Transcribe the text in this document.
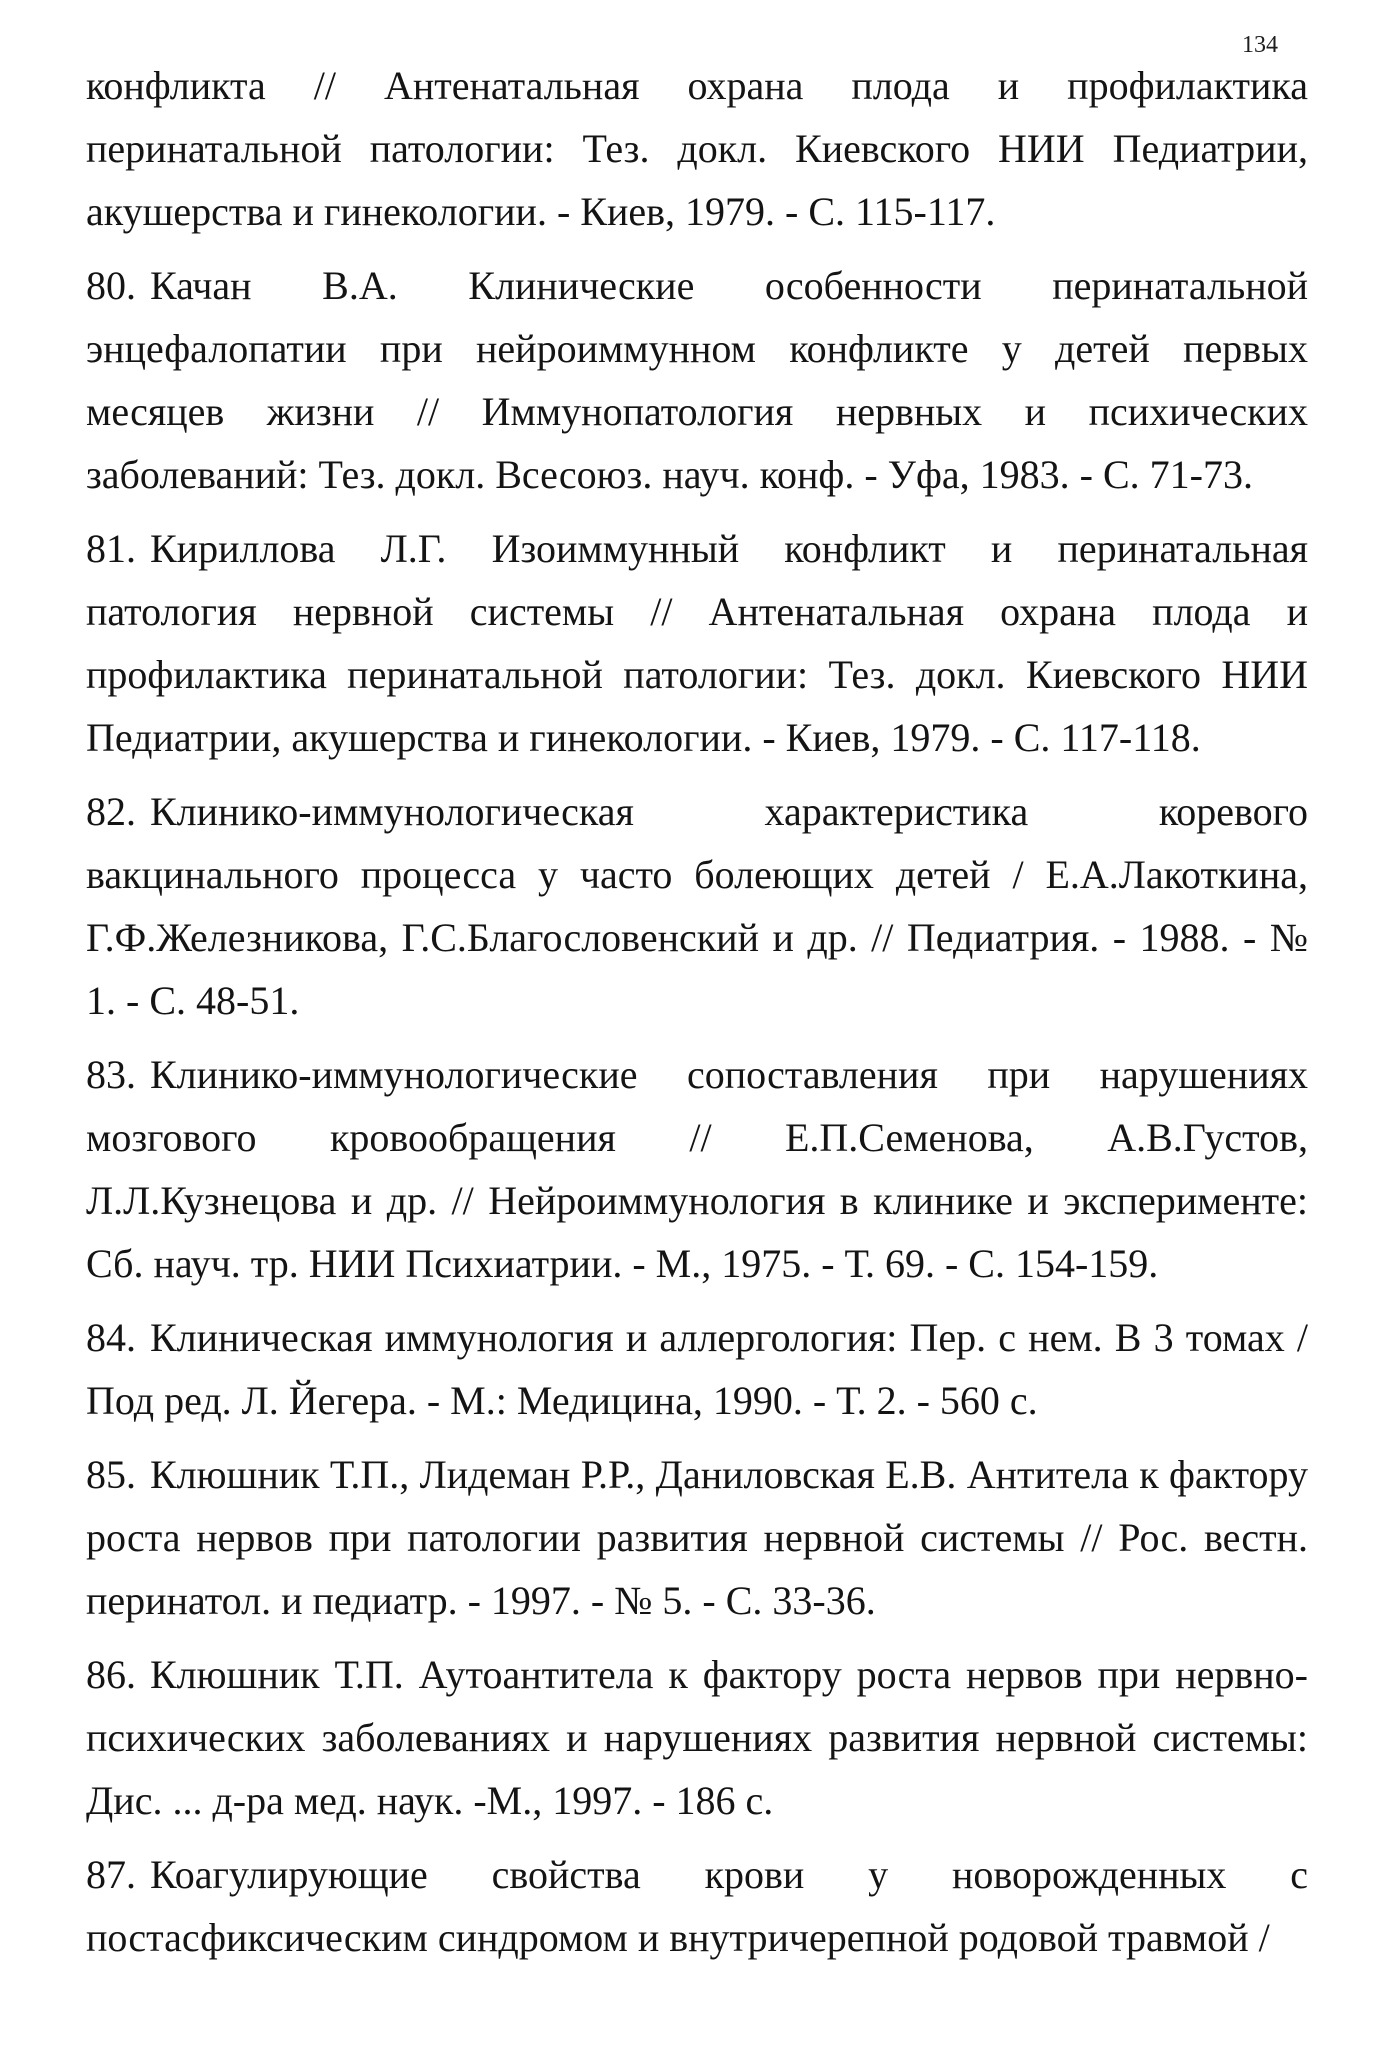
134

конфликта // Антенатальная охрана плода и профилактика перинатальной патологии: Тез. докл. Киевского НИИ Педиатрии, акушерства и гинекологии. - Киев, 1979. - С. 115-117.

80. Качан В.А. Клинические особенности перинатальной энцефалопатии при нейроиммунном конфликте у детей первых месяцев жизни // Иммунопатология нервных и психических заболеваний: Тез. докл. Всесоюз. науч. конф. - Уфа, 1983. - С. 71-73.

81. Кириллова Л.Г. Изоиммунный конфликт и перинатальная патология нервной системы // Антенатальная охрана плода и профилактика перинатальной патологии: Тез. докл. Киевского НИИ Педиатрии, акушерства и гинекологии. - Киев, 1979. - С. 117-118.

82. Клинико-иммунологическая характеристика коревого вакцинального процесса у часто болеющих детей / Е.А.Лакоткина, Г.Ф.Железникова, Г.С.Благословенский и др. // Педиатрия. - 1988. - № 1. - С. 48-51.

83. Клинико-иммунологические сопоставления при нарушениях мозгового кровообращения // Е.П.Семенова, А.В.Густов, Л.Л.Кузнецова и др. // Нейроиммунология в клинике и эксперименте: Сб. науч. тр. НИИ Психиатрии. - М., 1975. - Т. 69. - С. 154-159.

84. Клиническая иммунология и аллергология: Пер. с нем. В 3 томах / Под ред. Л. Йегера. - М.: Медицина, 1990. - Т. 2. - 560 с.

85. Клюшник Т.П., Лидеман Р.Р., Даниловская Е.В. Антитела к фактору роста нервов при патологии развития нервной системы // Рос. вестн. перинатол. и педиатр. - 1997. - № 5. - С. 33-36.

86. Клюшник Т.П. Аутоантитела к фактору роста нервов при нервно-психических заболеваниях и нарушениях развития нервной системы: Дис. ... д-ра мед. наук. -М., 1997. - 186 с.

87. Коагулирующие свойства крови у новорожденных с постасфиксическим синдромом и внутричерепной родовой травмой /
